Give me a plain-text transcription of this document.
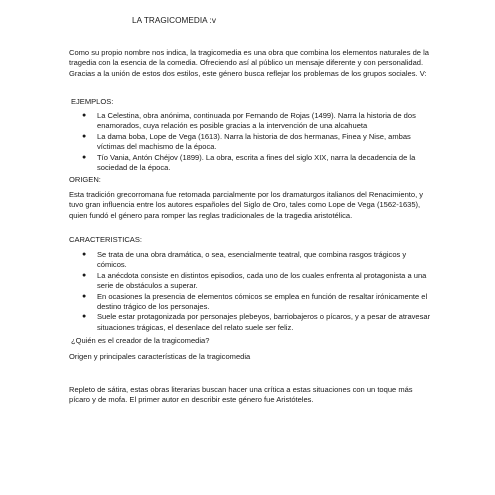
LA TRAGICOMEDIA :v
Como su propio nombre nos indica, la tragicomedia es una obra que combina los elementos naturales de la tragedia con la esencia de la comedia. Ofreciendo así al público un mensaje diferente y con personalidad. Gracias a la unión de estos dos estilos, este género busca reflejar los problemas de los grupos sociales. V:
EJEMPLOS:
● La Celestina, obra anónima, continuada por Fernando de Rojas (1499). Narra la historia de dos enamorados, cuya relación es posible gracias a la intervención de una alcahueta
● La dama boba, Lope de Vega (1613). Narra la historia de dos hermanas, Finea y Nise, ambas víctimas del machismo de la época.
● Tío Vania, Antón Chéjov (1899). La obra, escrita a fines del siglo XIX, narra la decadencia de la sociedad de la época.
ORIGEN:
Esta tradición grecorromana fue retomada parcialmente por los dramaturgos italianos del Renacimiento, y tuvo gran influencia entre los autores españoles del Siglo de Oro, tales como Lope de Vega (1562-1635), quien fundó el género para romper las reglas tradicionales de la tragedia aristotélica.
CARACTERISTICAS:
● Se trata de una obra dramática, o sea, esencialmente teatral, que combina rasgos trágicos y cómicos.
● La anécdota consiste en distintos episodios, cada uno de los cuales enfrenta al protagonista a una serie de obstáculos a superar.
● En ocasiones la presencia de elementos cómicos se emplea en función de resaltar irónicamente el destino trágico de los personajes.
● Suele estar protagonizada por personajes plebeyos, barriobajeros o pícaros, y a pesar de atravesar situaciones trágicas, el desenlace del relato suele ser feliz.
¿Quién es el creador de la tragicomedia?
Origen y principales características de la tragicomedia
Repleto de sátira, estas obras literarias buscan hacer una crítica a estas situaciones con un toque más pícaro y de mofa. El primer autor en describir este género fue Aristóteles.
